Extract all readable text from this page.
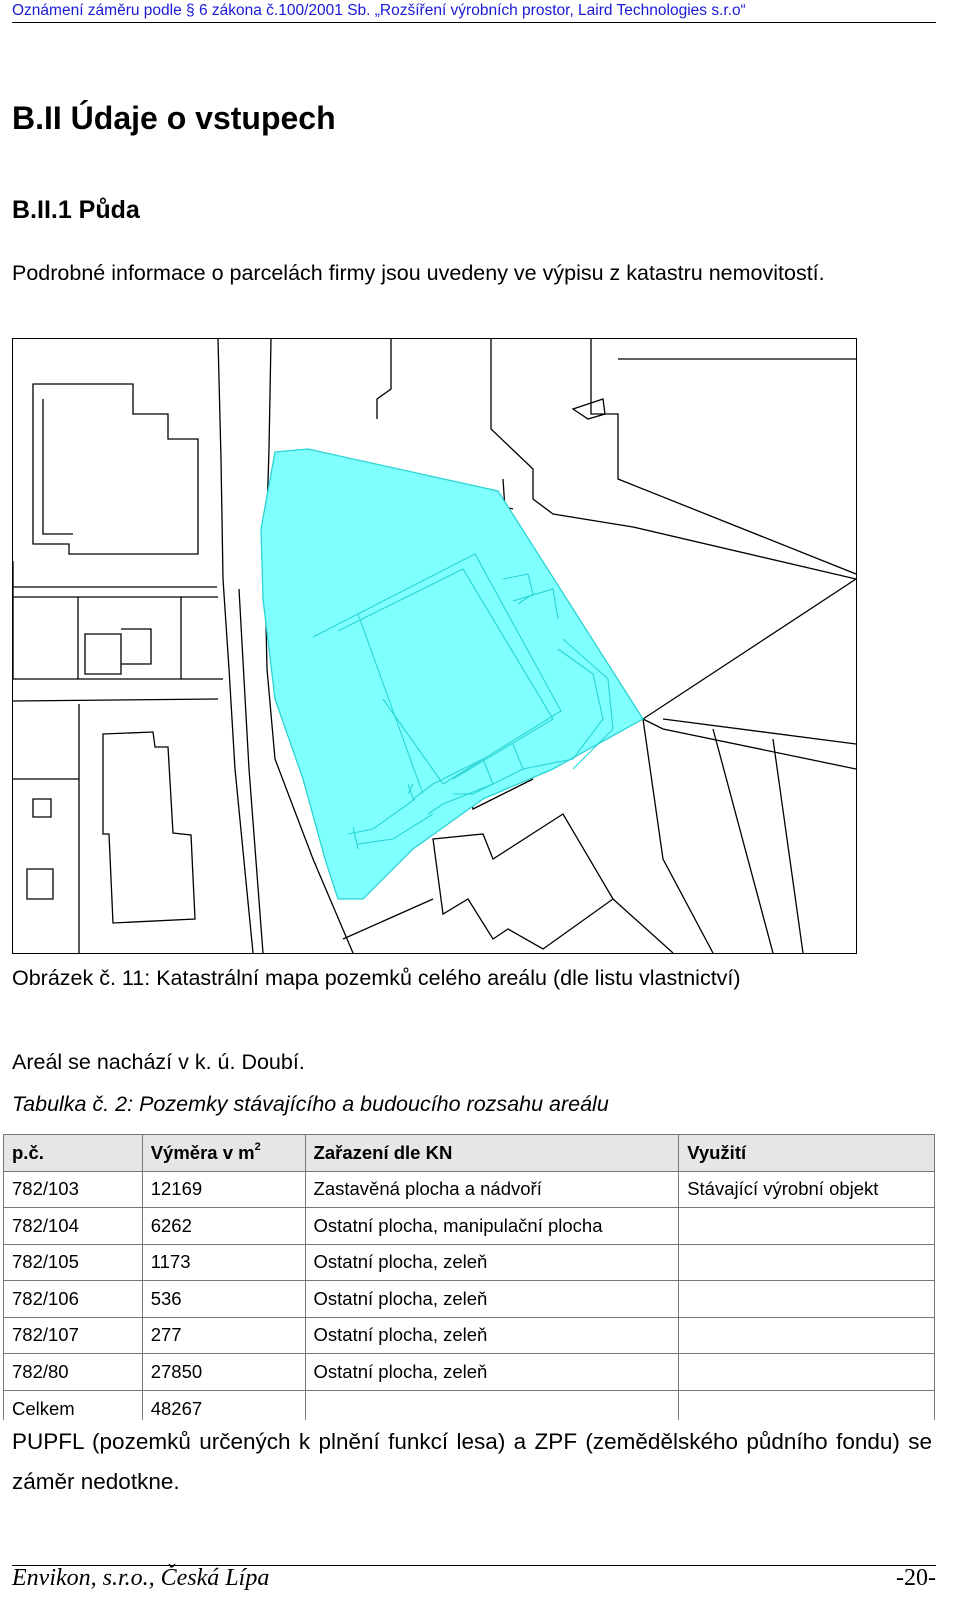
Oznámení záměru podle § 6 zákona č.100/2001 Sb. „Rozšíření výrobních prostor, Laird Technologies s.r.o“
B.II Údaje o vstupech
B.II.1 Půda

Podrobné informace o parcelách firmy jsou uvedeny ve výpisu z katastru nemovitostí.

Obrázek č. 11: Katastrální mapa pozemků celého areálu (dle listu vlastnictví)
Areál se nachází v k. ú. Doubí.
Tabulka č. 2: Pozemky stávajícího a budoucího rozsahu areálu
p.č.	Výměra v $m^2$	Zařazení dle KN	Využití
782/103	12169	Zastavěná plocha a nádvoří	Stávající výrobní objekt
782/104	6262	Ostatní plocha, manipulační plocha	
782/105	1173	Ostatní plocha, zeleň	
782/106	536	Ostatní plocha, zeleň	
782/107	277	Ostatní plocha, zeleň	
782/80	27850	Ostatní plocha, zeleň	
Celkem	48267		

PUPFL (pozemků určených k plnění funkcí lesa) a ZPF (zemědělského půdního fondu) se záměr nedotkne.

Envikon, s.r.o., Česká Lípa	-20-
